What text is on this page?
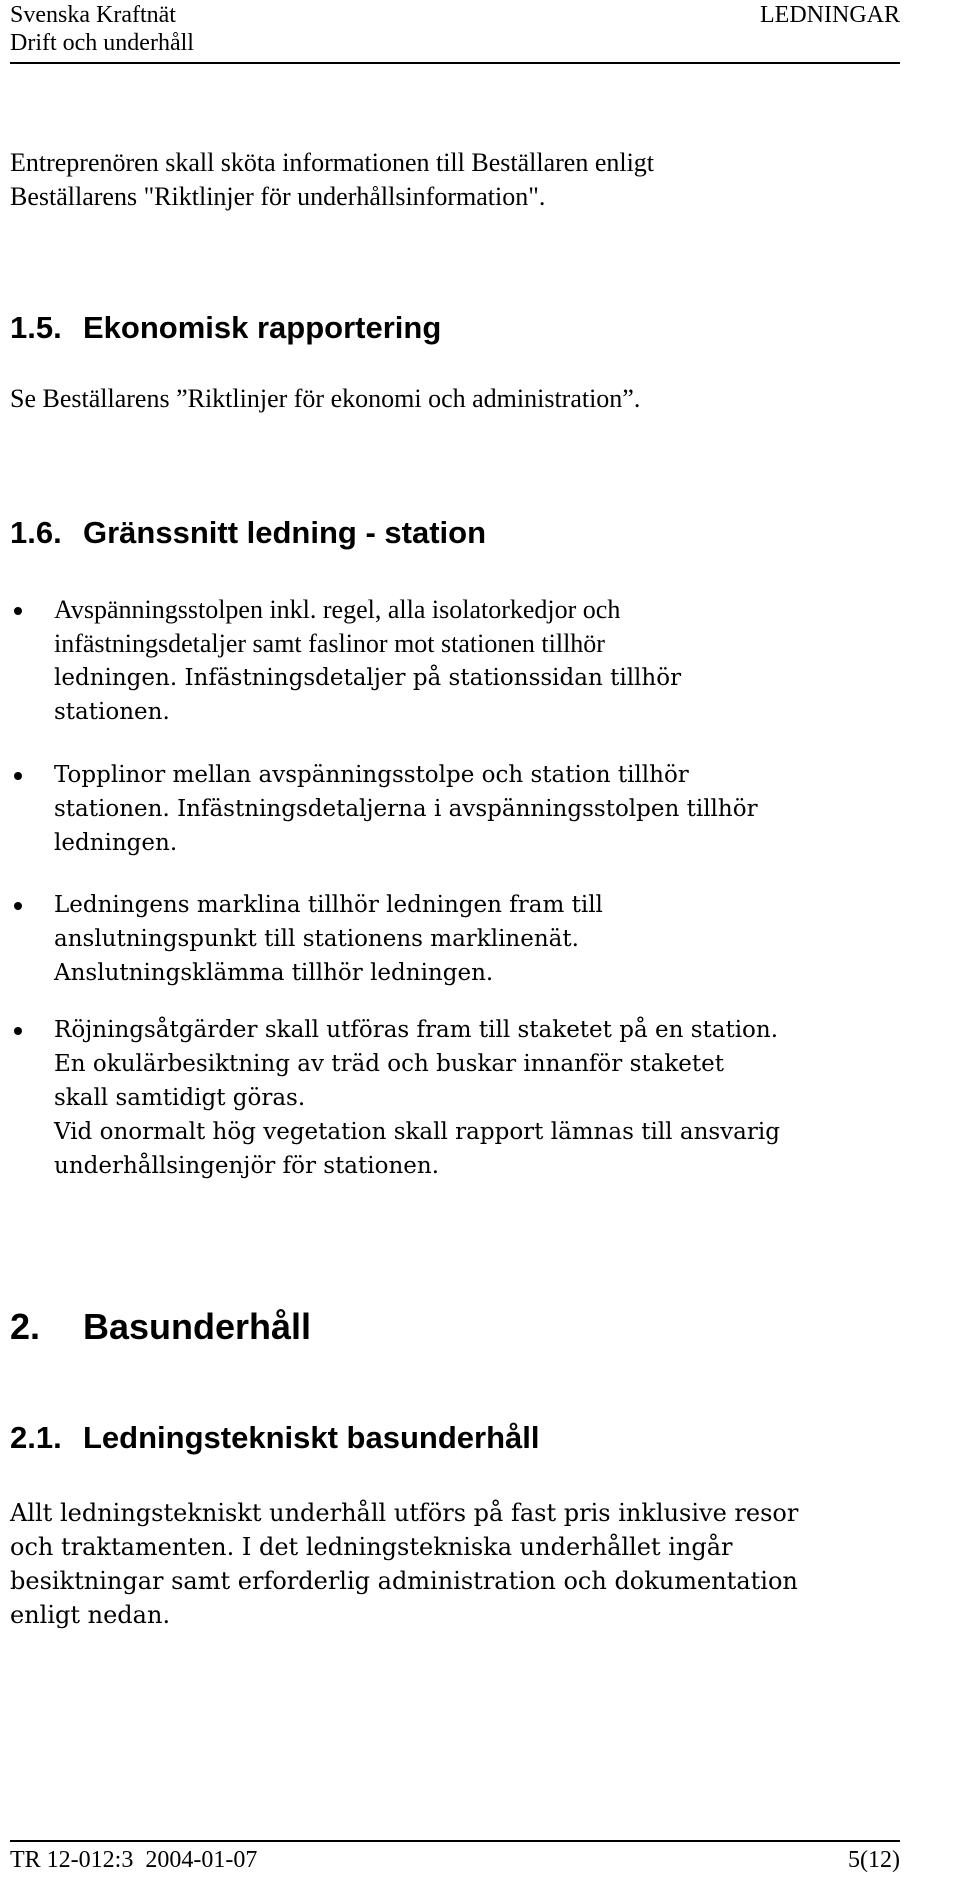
Svenska Kraftnät
Drift och underhåll
LEDNINGAR

Entreprenören skall sköta informationen till Beställaren enligt

Beställarens "Riktlinjer för underhållsinformation".

1.5. Ekonomisk rapportering

Se Beställarens ”Riktlinjer för ekonomi och administration”.

1.6. Gränssnitt ledning - station

Avspänningsstolpen inkl. regel, alla isolatorkedjor och

infästningsdetaljer samt faslinor mot stationen tillhör

ledningen. Infästningsdetaljer på stationssidan tillhör

stationen.

Topplinor mellan avspänningsstolpe och station tillhör

stationen. Infästningsdetaljerna i avspänningsstolpen tillhör

ledningen.

Ledningens marklina tillhör ledningen fram till

anslutningspunkt till stationens marklinenät.

Anslutningsklämma tillhör ledningen.

Röjningsåtgärder skall utföras fram till staketet på en station.

En okulärbesiktning av träd och buskar innanför staketet

skall samtidigt göras.

Vid onormalt hög vegetation skall rapport lämnas till ansvarig

underhållsingenjör för stationen.

2. Basunderhåll

2.1. Ledningstekniskt basunderhåll

Allt ledningstekniskt underhåll utförs på fast pris inklusive resor

och traktamenten. I det ledningstekniska underhållet ingår

besiktningar samt erforderlig administration och dokumentation

enligt nedan.

TR 12-012:3  2004-01-07	5(12)
